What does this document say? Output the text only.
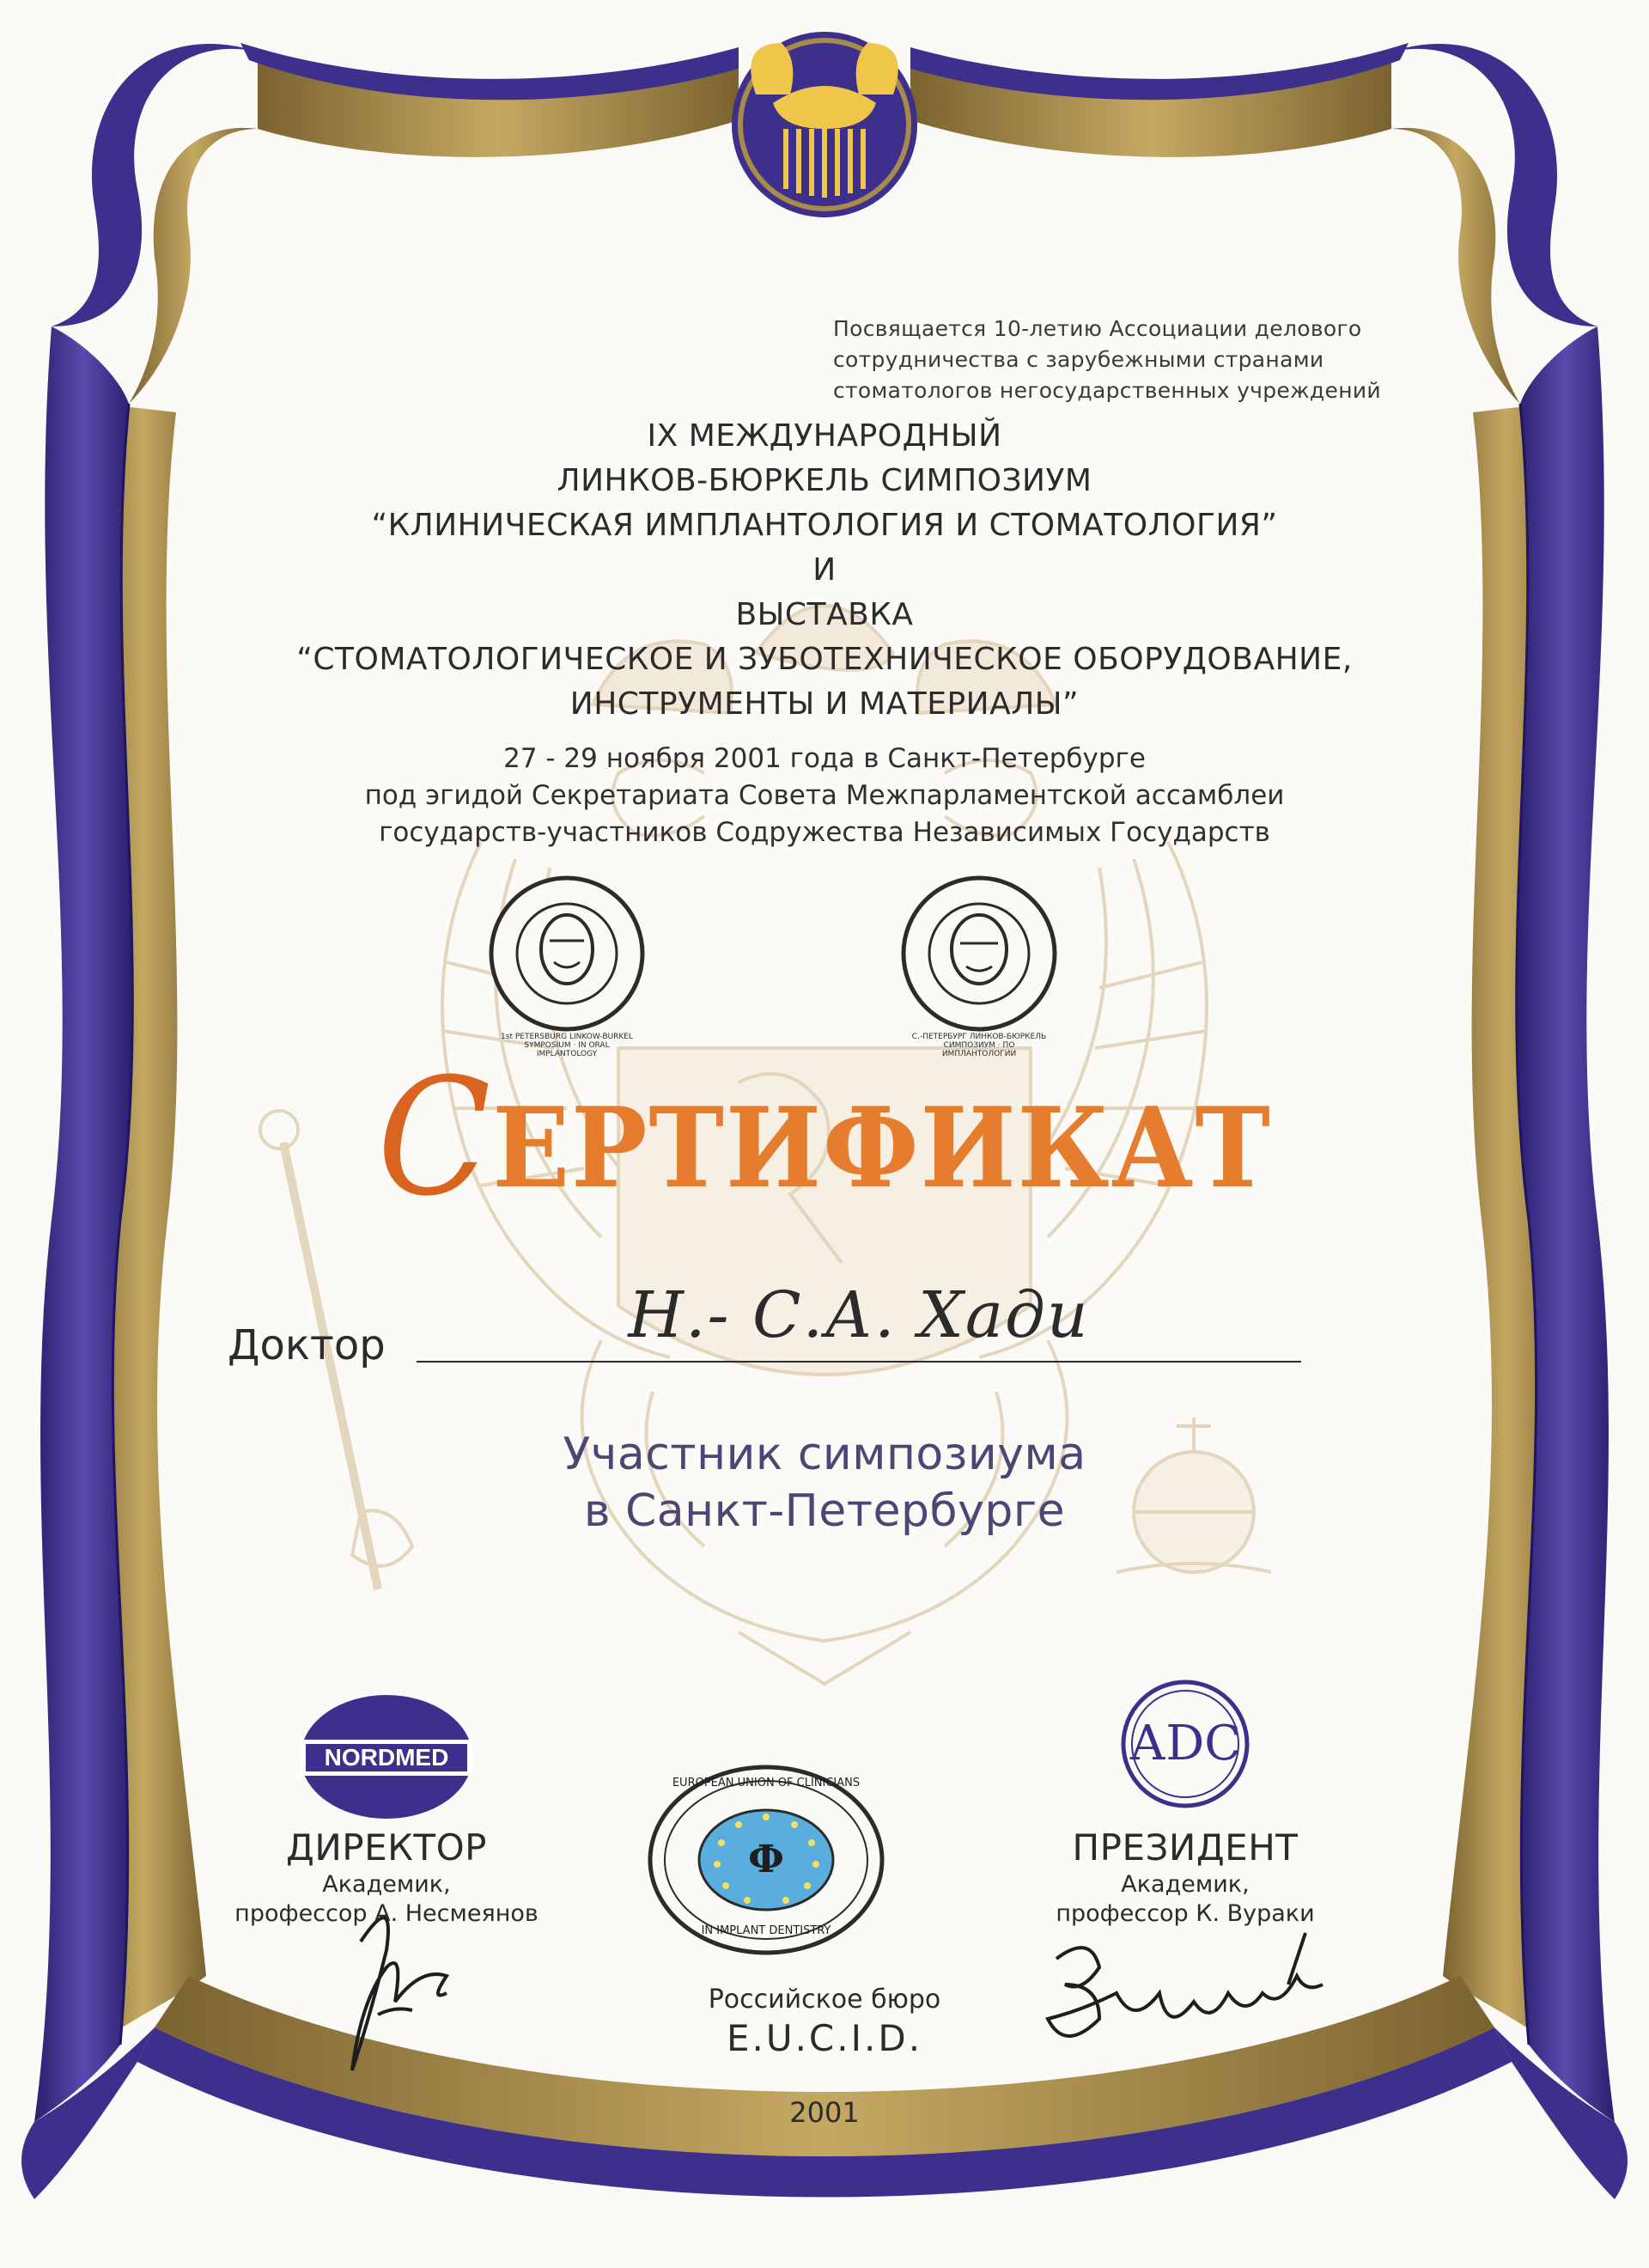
NORDMED	АDC
Ф
EUROPEAN UNION OF CLINICIANS
IN IMPLANT DENTISTRY
1st PETERSBURG LINKOW-BURKEL SYMPOSIUM · IN ORAL IMPLANTOLOGY
С.-ПЕТЕРБУРГ ЛИНКОВ-БЮРКЕЛЬ СИМПОЗИУМ · ПО ИМПЛАНТОЛОГИИ
Посвящается 10-летию Ассоциации делового
сотрудничества с зарубежными странами
стоматологов негосударственных учреждений
IX МЕЖДУНАРОДНЫЙ
ЛИНКОВ-БЮРКЕЛЬ СИМПОЗИУМ
“КЛИНИЧЕСКАЯ ИМПЛАНТОЛОГИЯ И СТОМАТОЛОГИЯ”
И
ВЫСТАВКА
“СТОМАТОЛОГИЧЕСКОЕ И ЗУБОТЕХНИЧЕСКОЕ ОБОРУДОВАНИЕ,
ИНСТРУМЕНТЫ И МАТЕРИАЛЫ”
27 - 29 ноября 2001 года в Санкт-Петербурге
под эгидой Секретариата Совета Межпарламентской ассамблеи
государств-участников Содружества Независимых Государств
СЕРТИФИКАТ
Доктор	Н.- С.А. Хади
Участник симпозиума
в Санкт-Петербурге
ДИРЕКТОР
Академик,
профессор А. Несмеянов
ПРЕЗИДЕНТ
Академик,
профессор К. Вураки
Российское бюро
E.U.C.I.D.
2001
